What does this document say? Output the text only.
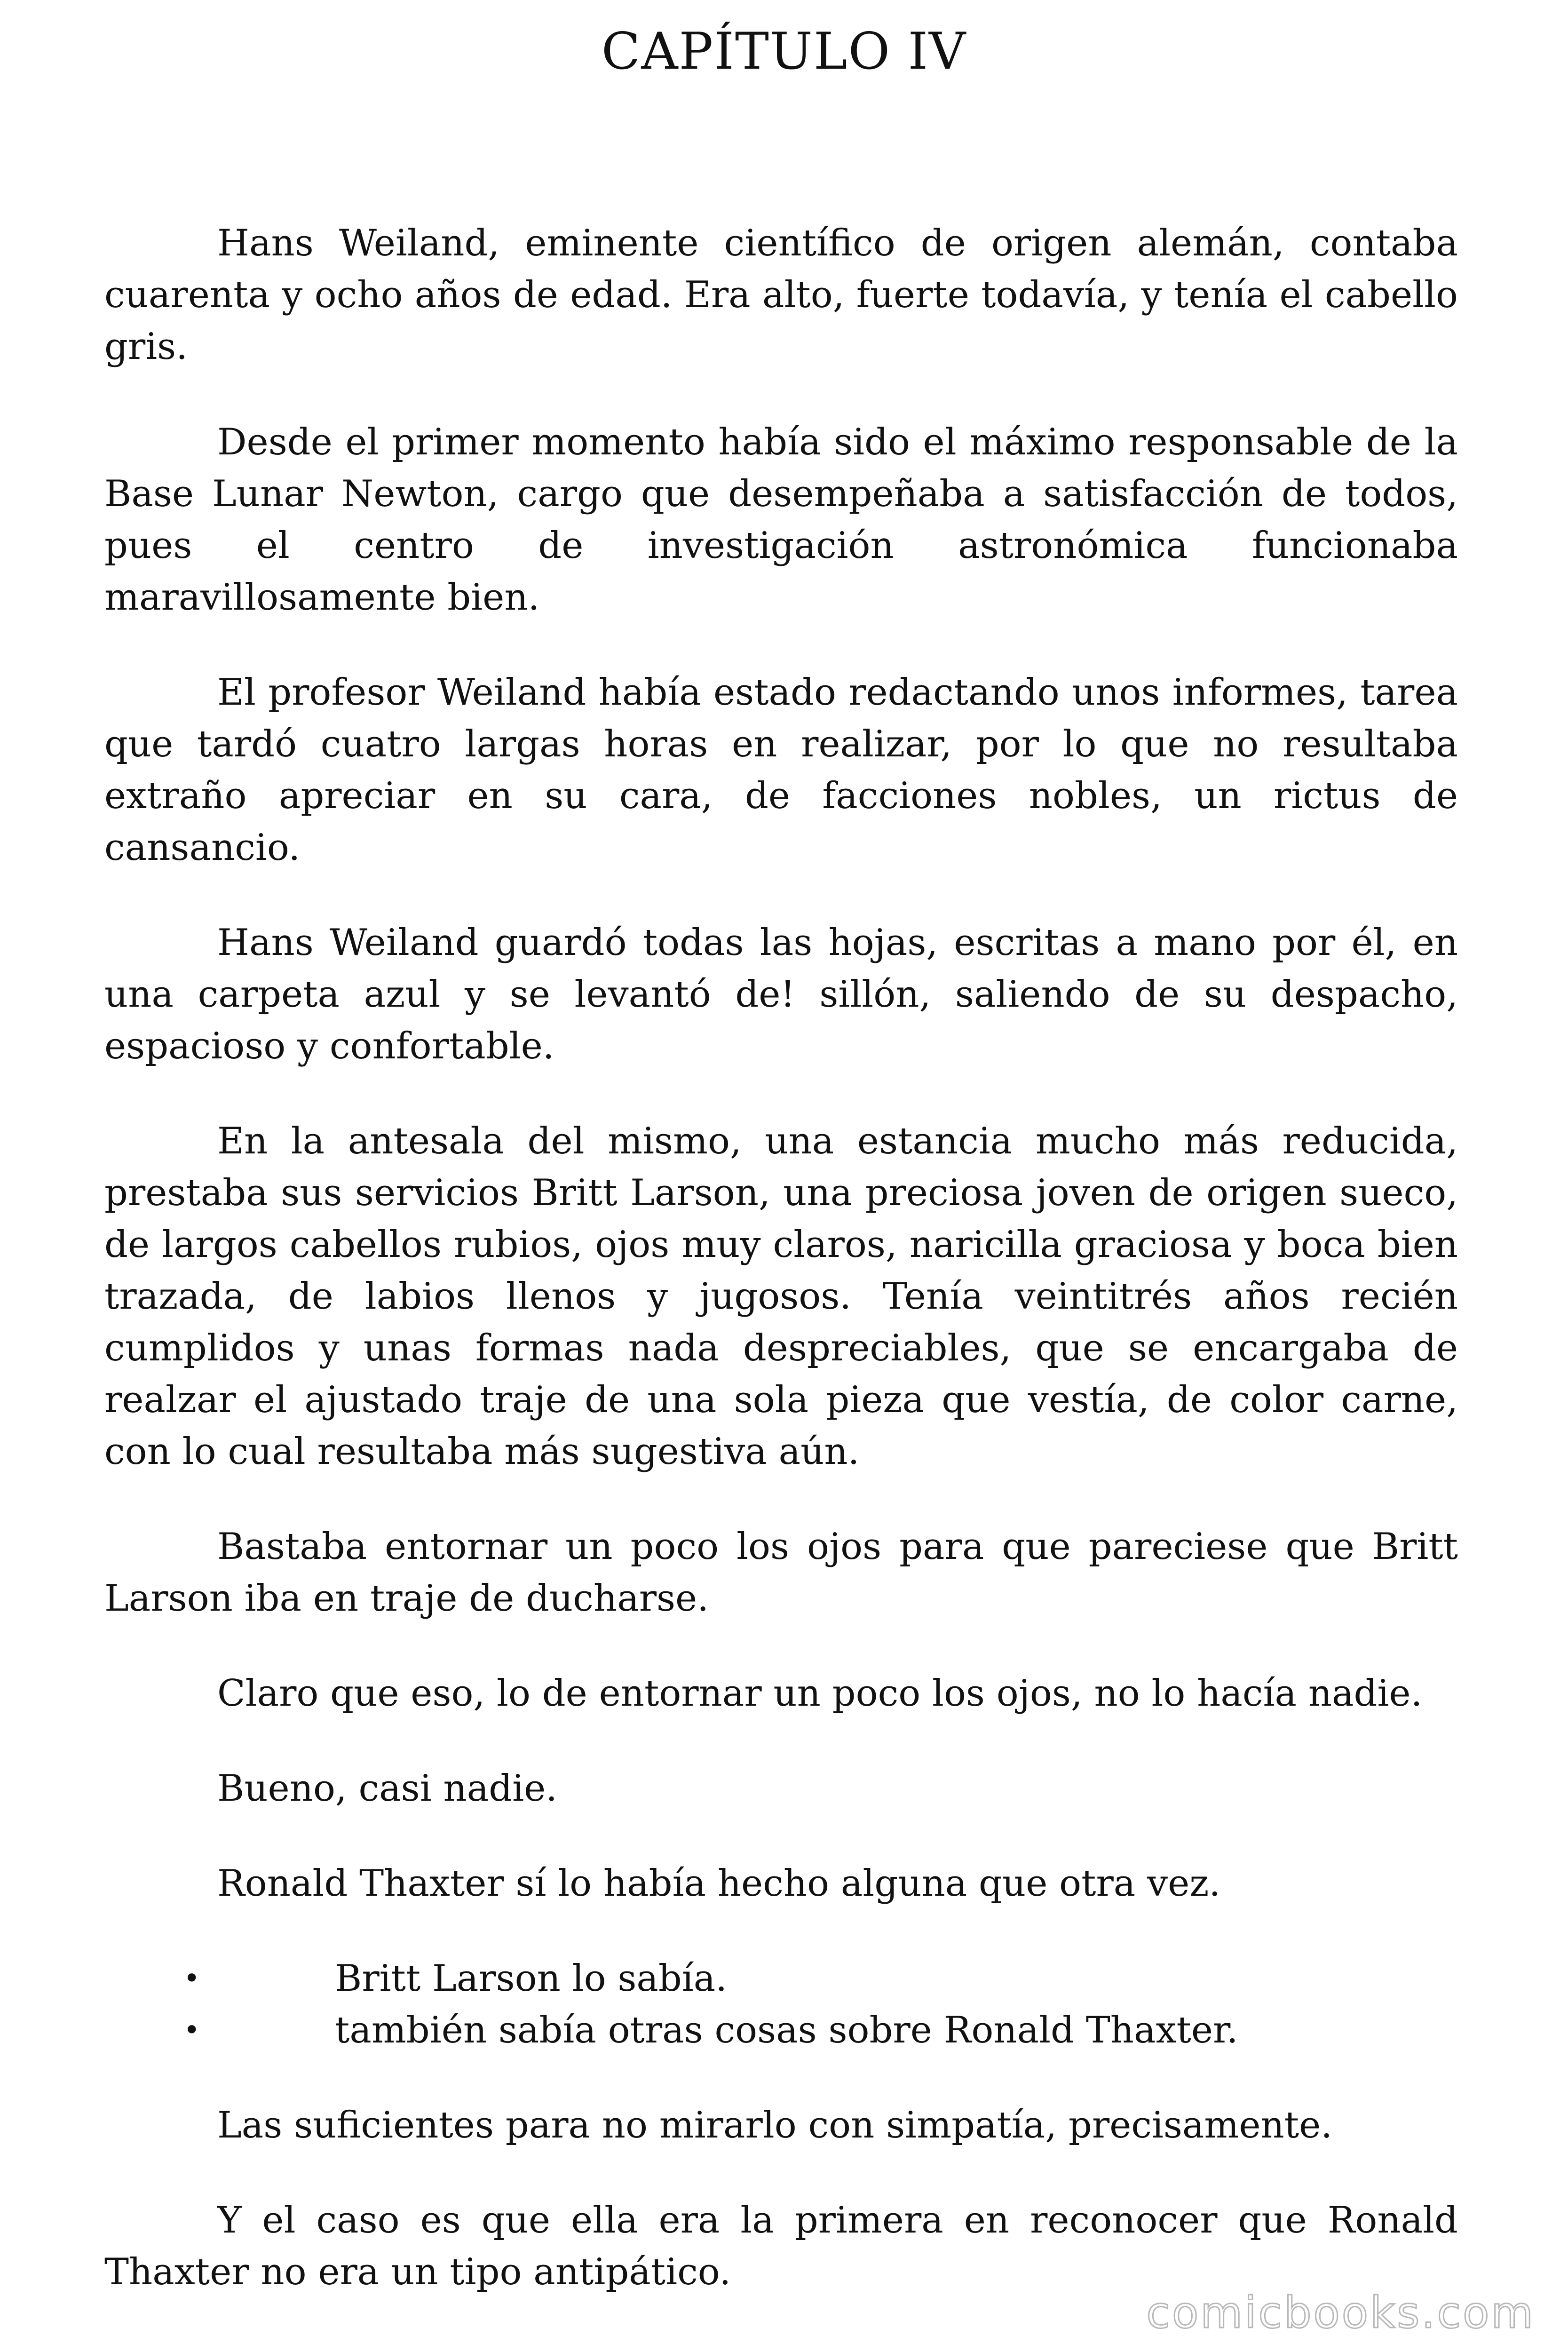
CAPÍTULO IV

Hans Weiland, eminente científico de origen alemán, contaba cuarenta y ocho años de edad. Era alto, fuerte todavía, y tenía el cabello gris.

Desde el primer momento había sido el máximo responsable de la Base Lunar Newton, cargo que desempeñaba a satisfacción de todos, pues el centro de investigación astronómica funcionaba maravillosamente bien.

El profesor Weiland había estado redactando unos informes, tarea que tardó cuatro largas horas en realizar, por lo que no resultaba extraño apreciar en su cara, de facciones nobles, un rictus de cansancio.

Hans Weiland guardó todas las hojas, escritas a mano por él, en una carpeta azul y se levantó de! sillón, saliendo de su despacho, espacioso y confortable.

En la antesala del mismo, una estancia mucho más reducida, prestaba sus servicios Britt Larson, una preciosa joven de origen sueco, de largos cabellos rubios, ojos muy claros, naricilla graciosa y boca bien trazada, de labios llenos y jugosos. Tenía veintitrés años recién cumplidos y unas formas nada despreciables, que se encargaba de realzar el ajustado traje de una sola pieza que vestía, de color carne, con lo cual resultaba más sugestiva aún.

Bastaba entornar un poco los ojos para que pareciese que Britt Larson iba en traje de ducharse.

Claro que eso, lo de entornar un poco los ojos, no lo hacía nadie.

Bueno, casi nadie.

Ronald Thaxter sí lo había hecho alguna que otra vez.

•	Britt Larson lo sabía.
•	también sabía otras cosas sobre Ronald Thaxter.

Las suficientes para no mirarlo con simpatía, precisamente.

Y el caso es que ella era la primera en reconocer que Ronald Thaxter no era un tipo antipático.

comicbooks.com
